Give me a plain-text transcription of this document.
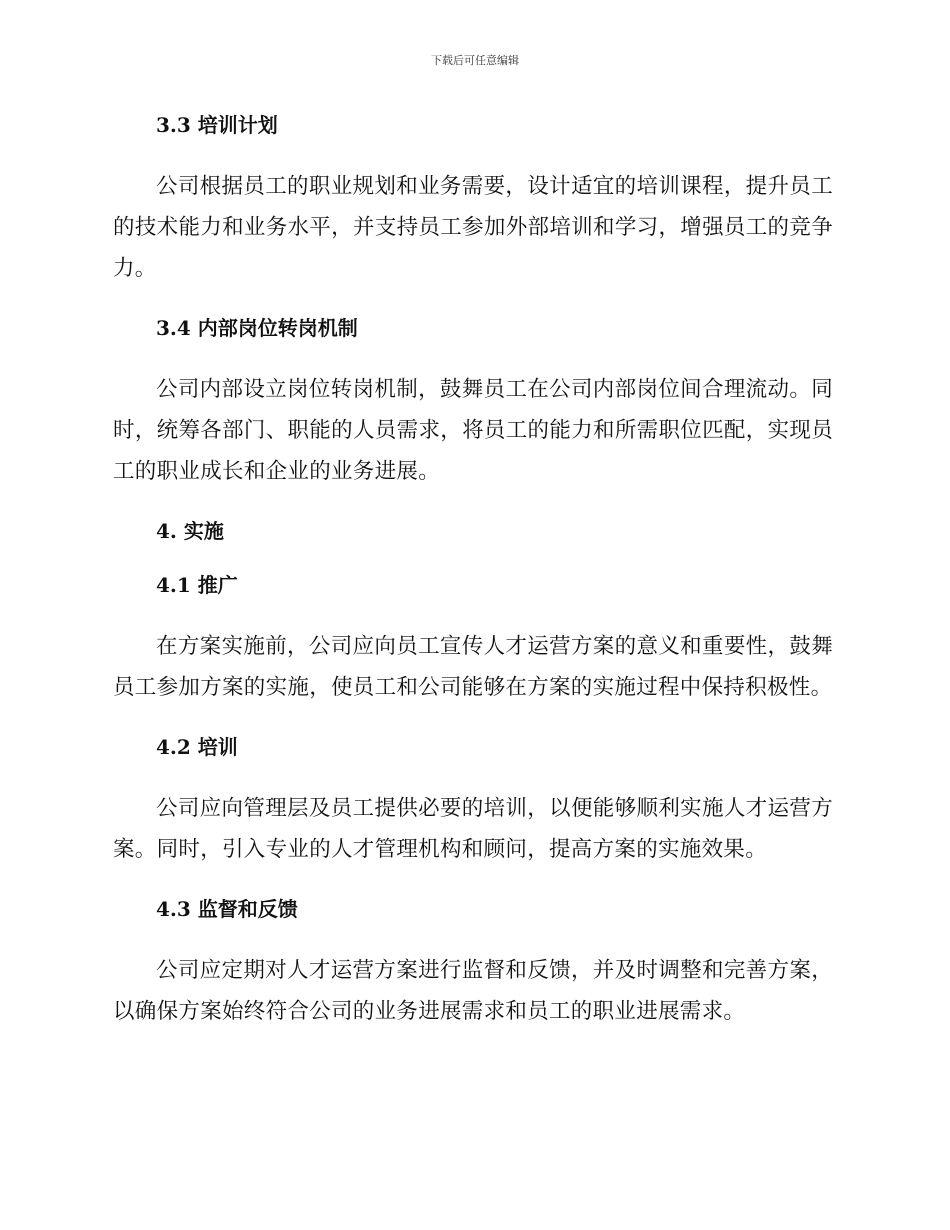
下载后可任意编辑
3.3 培训计划

公司根据员工的职业规划和业务需要，设计适宜的培训课程，提升员工的技术能力和业务水平，并支持员工参加外部培训和学习，增强员工的竞争力。

3.4 内部岗位转岗机制

公司内部设立岗位转岗机制，鼓舞员工在公司内部岗位间合理流动。同时，统筹各部门、职能的人员需求，将员工的能力和所需职位匹配，实现员工的职业成长和企业的业务进展。

4. 实施
4.1 推广

在方案实施前，公司应向员工宣传人才运营方案的意义和重要性，鼓舞员工参加方案的实施，使员工和公司能够在方案的实施过程中保持积极性。

4.2 培训

公司应向管理层及员工提供必要的培训，以便能够顺利实施人才运营方案。同时，引入专业的人才管理机构和顾问，提高方案的实施效果。

4.3 监督和反馈

公司应定期对人才运营方案进行监督和反馈，并及时调整和完善方案，以确保方案始终符合公司的业务进展需求和员工的职业进展需求。
